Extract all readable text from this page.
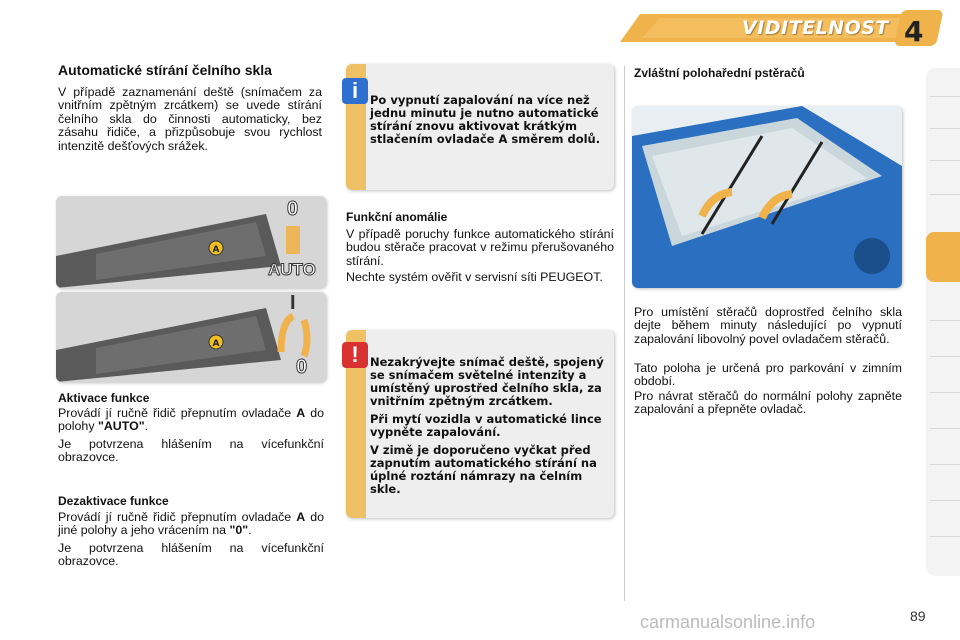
VIDITELNOST 4
Automatické stírání čelního skla

V případě zaznamenání deště (snímačem za vnitřním zpětným zrcátkem) se uvede stírání čelního skla do činnosti automaticky, bez zásahu řidiče, a přizpůsobuje svou rychlost intenzitě dešťových srážek.

A
0
AUTO
A
I
0

Aktivace funkce

Provádí jí ručně řidič přepnutím ovladače A do polohy "AUTO".

Je potvrzena hlášením na vícefunkční obrazovce.

Dezaktivace funkce

Provádí jí ručně řidič přepnutím ovladače A do jiné polohy a jeho vrácením na "0".

Je potvrzena hlášením na vícefunkční obrazovce.

i	Po vypnutí zapalování na více než jednu minutu je nutno automatické stírání znovu aktivovat krátkým stlačením ovladače A směrem dolů.

Funkční anomálie

V případě poruchy funkce automatického stírání budou stěrače pracovat v režimu přerušovaného stírání.

Nechte systém ověřit v servisní síti PEUGEOT.

! Nezakrývejte snímač deště, spojený se snímačem světelné intenzity a umístěný uprostřed čelního skla, za vnitřním zpětným zrcátkem.

Při mytí vozidla v automatické lince vypněte zapalování.

V zimě je doporučeno vyčkat před zapnutím automatického stírání na úplné roztání námrazy na čelním skle.

Zvláštní polohařední pstěračů

Pro umístění stěračů doprostřed čelního skla dejte během minuty následující po vypnutí zapalování libovolný povel ovladačem stěračů.

Tato poloha je určená pro parkování v zimním období.

Pro návrat stěračů do normální polohy zapněte zapalování a přepněte ovladač.

89
carmanualsonline.info
